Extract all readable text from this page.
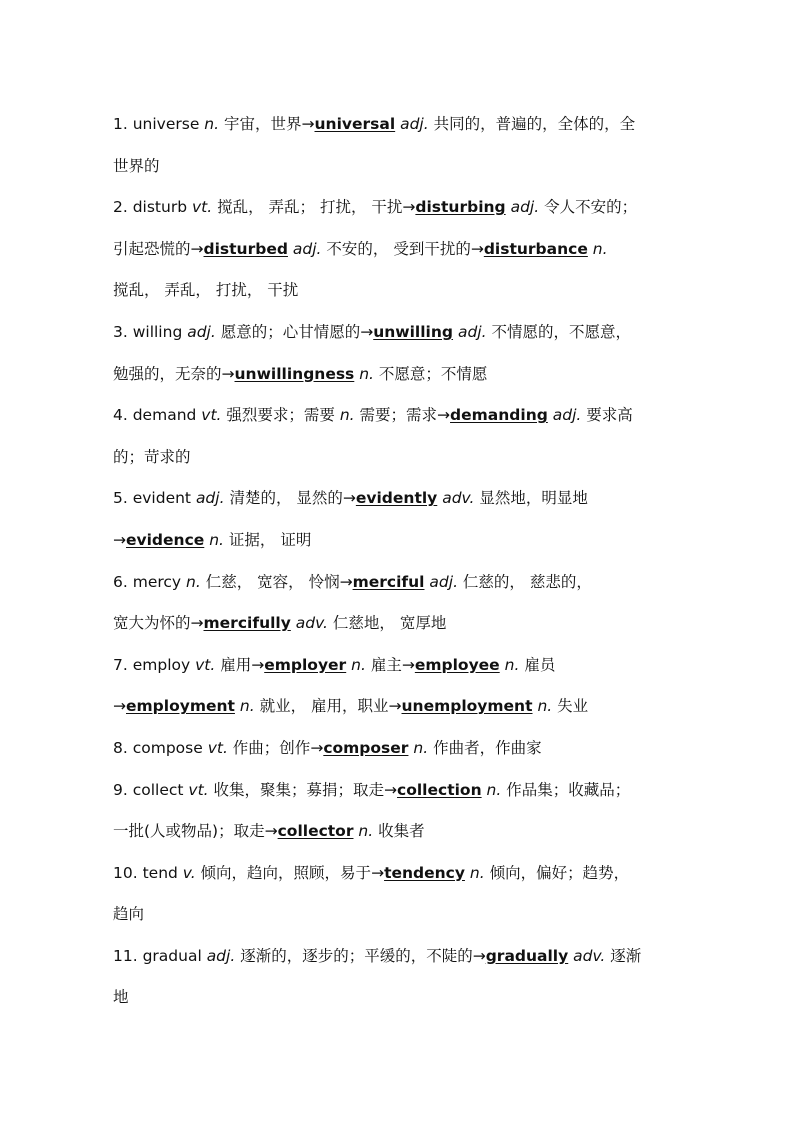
1. universe n. 宇宙，世界→universal adj. 共同的，普遍的，全体的，全
世界的
2. disturb vt. 搅乱， 弄乱； 打扰， 干扰→disturbing adj. 令人不安的；
引起恐慌的→disturbed adj. 不安的， 受到干扰的→disturbance n.
搅乱， 弄乱， 打扰， 干扰
3. willing adj. 愿意的；心甘情愿的→unwilling adj. 不情愿的，不愿意，
勉强的，无奈的→unwillingness n. 不愿意；不情愿
4. demand vt. 强烈要求；需要 n. 需要；需求→demanding adj. 要求高
的；苛求的
5. evident adj. 清楚的， 显然的→evidently adv. 显然地，明显地
→evidence n. 证据， 证明
6. mercy n. 仁慈， 宽容， 怜悯→merciful adj. 仁慈的， 慈悲的，
宽大为怀的→mercifully adv. 仁慈地， 宽厚地
7. employ vt. 雇用→employer n. 雇主→employee n. 雇员
→employment n. 就业， 雇用，职业→unemployment n. 失业
8. compose vt. 作曲；创作→composer n. 作曲者，作曲家
9. collect vt. 收集，聚集；募捐；取走→collection n. 作品集；收藏品；
一批(人或物品)；取走→collector n. 收集者
10. tend v. 倾向，趋向，照顾，易于→tendency n. 倾向，偏好；趋势，
趋向
11. gradual adj. 逐渐的，逐步的；平缓的，不陡的→gradually adv. 逐渐
地
